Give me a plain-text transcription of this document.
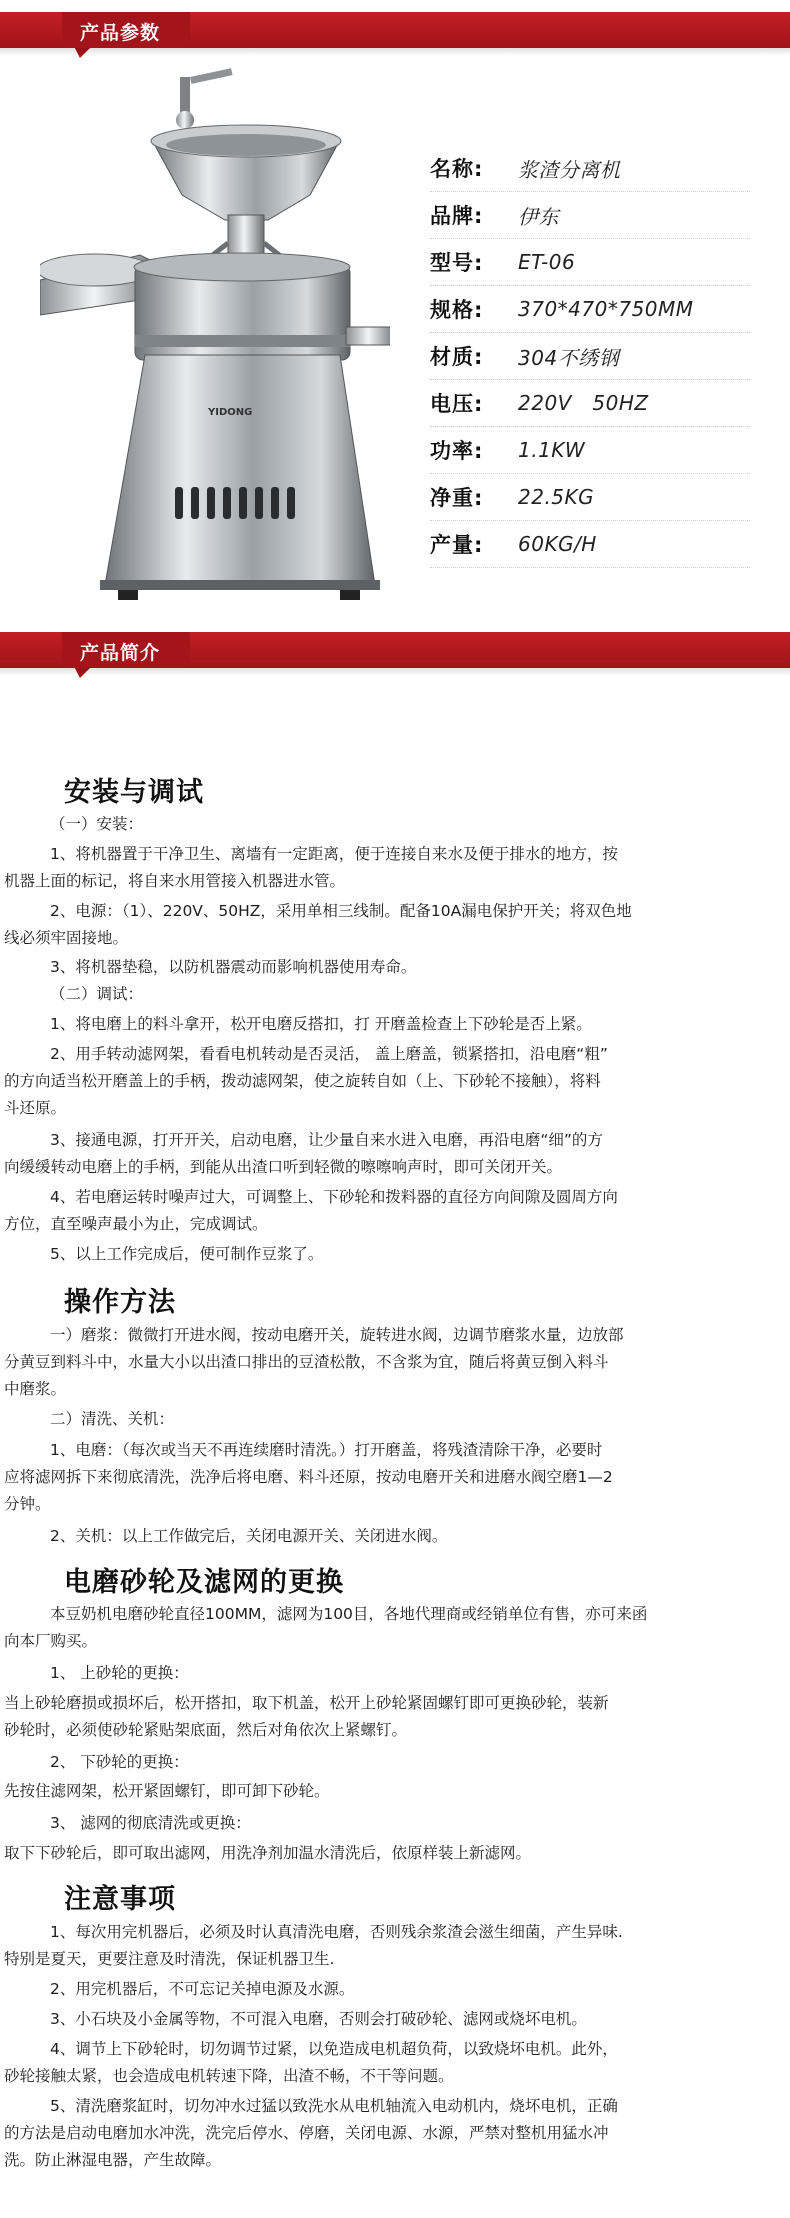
产品参数
YIDONG
名称:	浆渣分离机
品牌:	伊东
型号:	ET-06
规格:	370*470*750MM
材质:	304不绣钢
电压:	220V   50HZ
功率:	1.1KW
净重:	22.5KG
产量:	60KG/H
产品简介
安装与调试
（一）安装：
1、将机器置于干净卫生、离墙有一定距离，便于连接自来水及便于排水的地方，按
机器上面的标记，将自来水用管接入机器进水管。
2、电源：（1）、220V、50HZ，采用单相三线制。配备10A漏电保护开关；将双色地
线必须牢固接地。
3、将机器垫稳，以防机器震动而影响机器使用寿命。
（二）调试：
1、将电磨上的料斗拿开，松开电磨反搭扣，打 开磨盖检查上下砂轮是否上紧。
2、用手转动滤网架，看看电机转动是否灵活， 盖上磨盖，锁紧搭扣，沿电磨“粗”
的方向适当松开磨盖上的手柄，拨动滤网架，使之旋转自如（上、下砂轮不接触），将料
斗还原。
3、接通电源，打开开关，启动电磨，让少量自来水进入电磨，再沿电磨“细”的方
向缓缓转动电磨上的手柄，到能从出渣口听到轻微的嚓嚓响声时，即可关闭开关。
4、若电磨运转时噪声过大，可调整上、下砂轮和拨料器的直径方向间隙及圆周方向
方位，直至噪声最小为止，完成调试。
5、以上工作完成后，便可制作豆浆了。
操作方法
一）磨浆：微微打开进水阀，按动电磨开关，旋转进水阀，边调节磨浆水量，边放部
分黄豆到料斗中，水量大小以出渣口排出的豆渣松散，不含浆为宜，随后将黄豆倒入料斗
中磨浆。
二）清洗、关机：
1、电磨：（每次或当天不再连续磨时清洗。）打开磨盖，将残渣清除干净，必要时
应将滤网拆下来彻底清洗，洗净后将电磨、料斗还原，按动电磨开关和进磨水阀空磨1—2
分钟。
2、关机：以上工作做完后，关闭电源开关、关闭进水阀。
电磨砂轮及滤网的更换
本豆奶机电磨砂轮直径100MM，滤网为100目，各地代理商或经销单位有售，亦可来函
向本厂购买。
1、 上砂轮的更换：
当上砂轮磨损或损坏后，松开搭扣，取下机盖，松开上砂轮紧固螺钉即可更换砂轮，装新
砂轮时，必须使砂轮紧贴架底面，然后对角依次上紧螺钉。
2、 下砂轮的更换：
先按住滤网架，松开紧固螺钉，即可卸下砂轮。
3、 滤网的彻底清洗或更换：
取下下砂轮后，即可取出滤网，用洗净剂加温水清洗后，依原样装上新滤网。
注意事项
1、每次用完机器后，必须及时认真清洗电磨，否则残余浆渣会滋生细菌，产生异味.
特别是夏天，更要注意及时清洗，保证机器卫生.
2、用完机器后，不可忘记关掉电源及水源。
3、小石块及小金属等物，不可混入电磨，否则会打破砂轮、滤网或烧坏电机。
4、调节上下砂轮时，切勿调节过紧，以免造成电机超负荷，以致烧坏电机。此外，
砂轮接触太紧，也会造成电机转速下降，出渣不畅，不干等问题。
5、清洗磨浆缸时，切勿冲水过猛以致洗水从电机轴流入电动机内，烧坏电机，正确
的方法是启动电磨加水冲洗，洗完后停水、停磨，关闭电源、水源，严禁对整机用猛水冲
洗。防止淋湿电器，产生故障。
